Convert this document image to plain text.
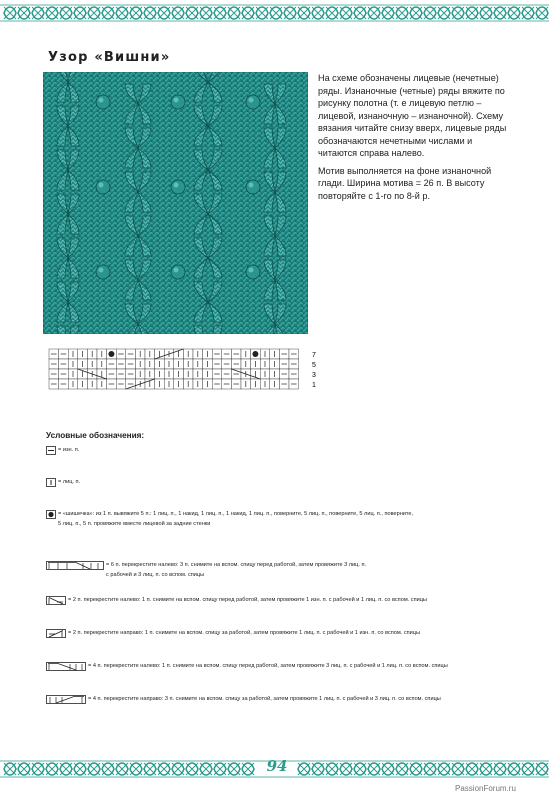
Узор «Вишни»

На схеме обозначены лицевые (нечетные) ряды. Изнаночные (четные) ряды вяжите по рисунку полотна (т. е лицевую петлю – лицевой, изнаночную – изнаночной). Схему вязания читайте снизу вверх, лицевые ряды обозначаются нечетными числами и читаются справа налево.

Мотив выполняется на фоне изнаночной глади. Ширина мотива = 26 п. В высоту повторяйте с 1-го по 8-й р.

7
5
3
1
Условные обозначения:
= изн. п.
= лиц. п.
= «шишечка»: из 1 п. вывяжите 5 п.: 1 лиц. п., 1 накид, 1 лиц. п., 1 накид, 1 лиц. п., поверните, 5 лиц. п., поверните, 5 лиц. п., поверните,
5 лиц. п., 5 п. провяжите вместе лицевой за задние стенки
= 6 п. перекрестите налево: 3 п. снимите на вспом. спицу перед работой, затем провяжите 3 лиц. п.
с рабочей и 3 лиц. п. со вспом. спицы
= 2 п. перекрестите налево: 1 п. снимите на вспом. спицу перед работой, затем провяжите 1 изн. п. с рабочей и 1 лиц. п. со вспом. спицы
= 2 п. перекрестите направо: 1 п. снимите на вспом. спицу за работой, затем провяжите 1 лиц. п. с рабочей и 1 изн. п. со вспом. спицы
= 4 п. перекрестите налево: 1 п. снимите на вспом. спицу перед работой, затем провяжите 3 лиц. п. с рабочей и 1 лиц. п. со вспом. спицы
= 4 п. перекрестите направо: 3 п. снимите на вспом. спицу за работой, затем провяжите 1 лиц. п. с рабочей и 3 лиц. п. со вспом. спицы
94
PassionForum.ru
